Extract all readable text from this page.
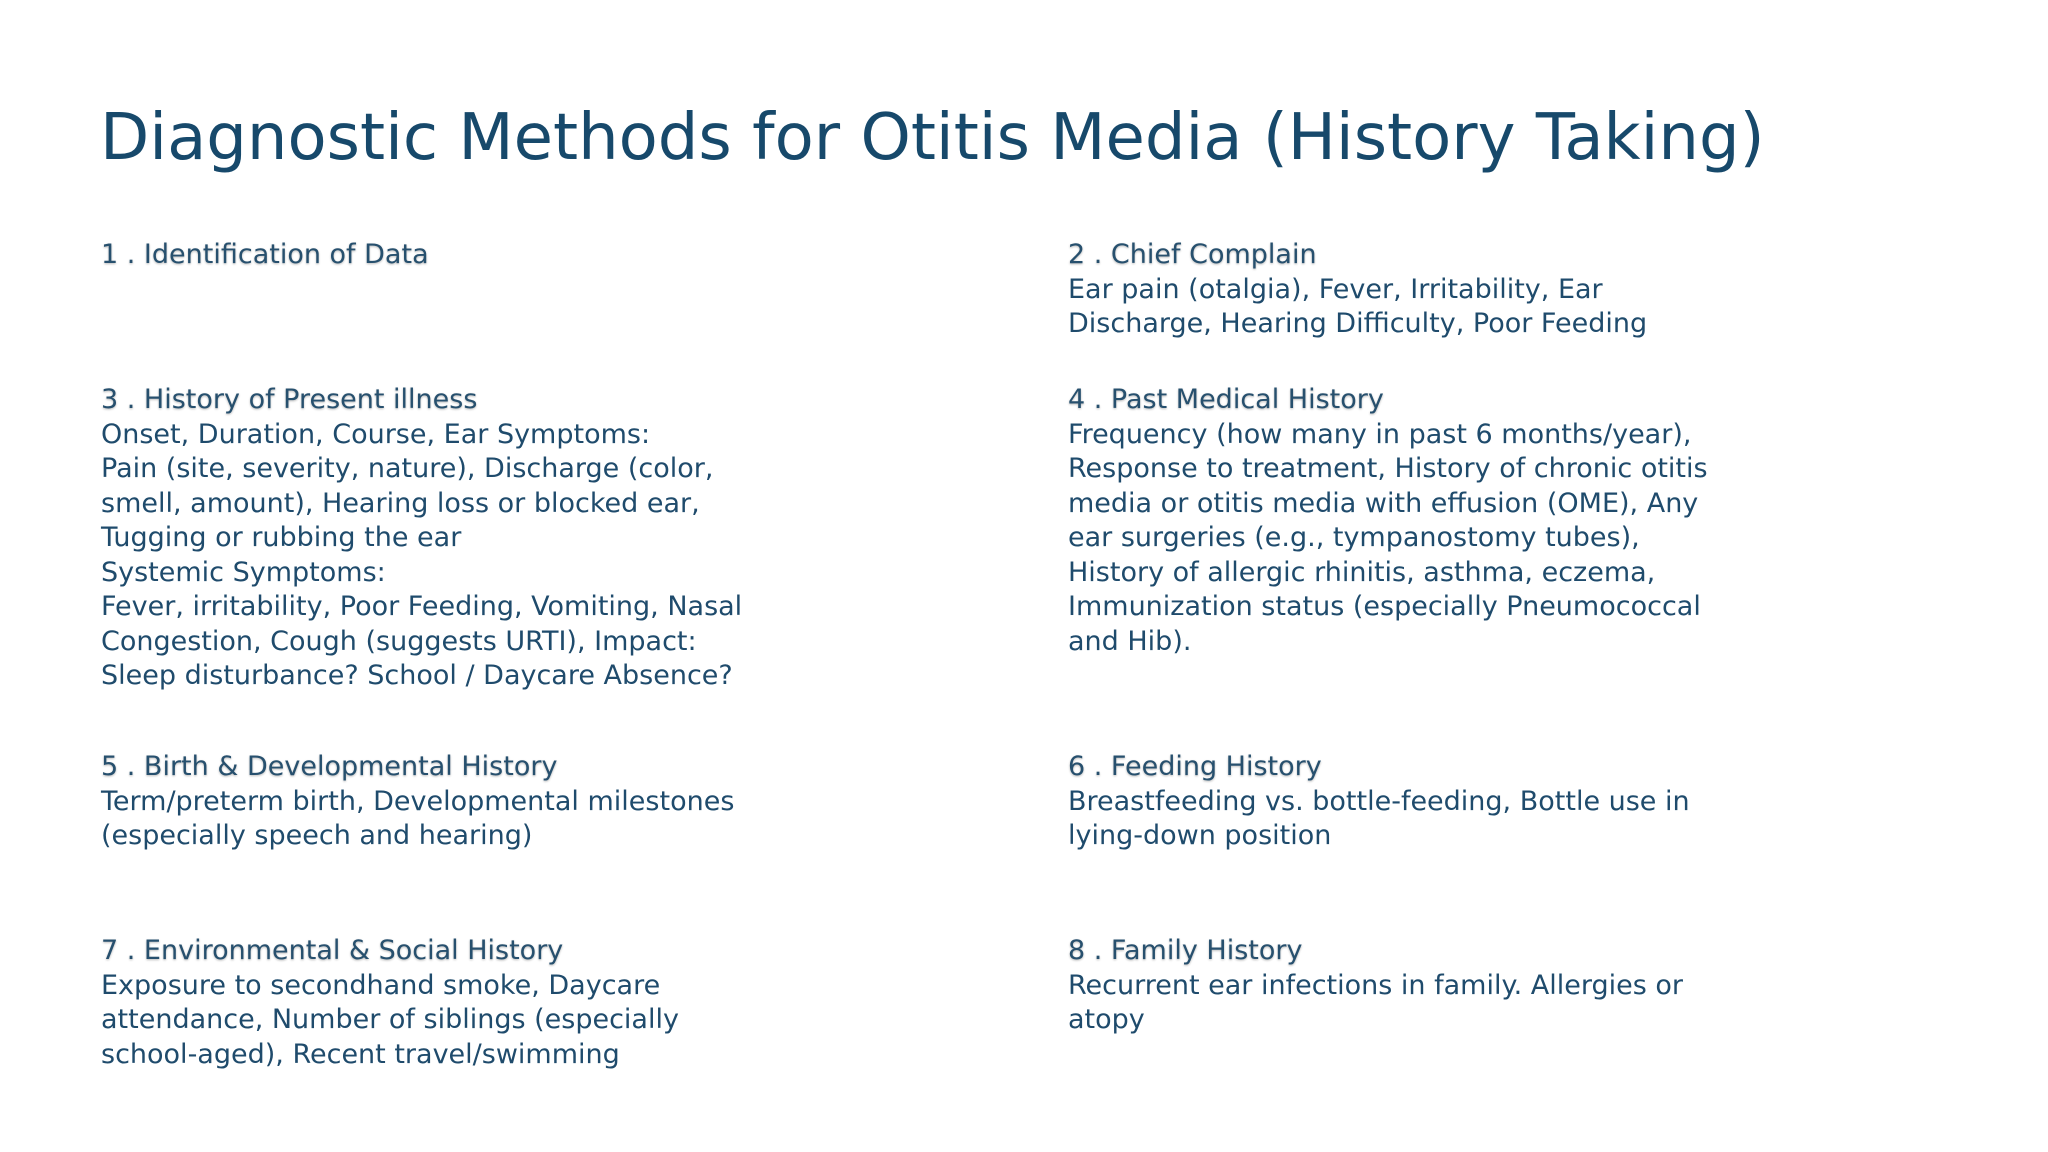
Diagnostic Methods for Otitis Media (History Taking)

1 . Identification of Data	2 . Chief Complain

Ear pain (otalgia), Fever, Irritability, Ear

Discharge, Hearing Difficulty, Poor Feeding

3 . History of Present illness

Onset, Duration, Course, Ear Symptoms:

Pain (site, severity, nature), Discharge (color,

smell, amount), Hearing loss or blocked ear,

Tugging or rubbing the ear

Systemic Symptoms:

Fever, irritability, Poor Feeding, Vomiting, Nasal

Congestion, Cough (suggests URTI), Impact:

Sleep disturbance? School / Daycare Absence?

4 . Past Medical History

Frequency (how many in past 6 months/year),

Response to treatment, History of chronic otitis

media or otitis media with effusion (OME), Any

ear surgeries (e.g., tympanostomy tubes),

History of allergic rhinitis, asthma, eczema,

Immunization status (especially Pneumococcal

and Hib).

5 . Birth & Developmental History

Term/preterm birth, Developmental milestones

(especially speech and hearing)

6 . Feeding History

Breastfeeding vs. bottle-feeding, Bottle use in

lying-down position

7 . Environmental & Social History

Exposure to secondhand smoke, Daycare

attendance, Number of siblings (especially

school-aged), Recent travel/swimming

8 . Family History

Recurrent ear infections in family. Allergies or

atopy
